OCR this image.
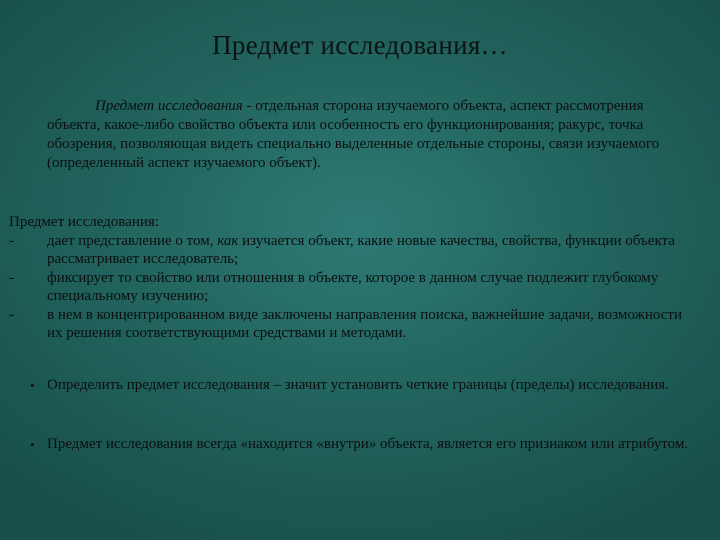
Предмет исследования…
Предмет исследования - отдельная сторона изучаемого объекта, аспект рассмотрения объекта, какое-либо свойство объекта или особенность его функционирования; ракурс, точка обозрения, позволяющая видеть специально выделенные отдельные стороны, связи изучаемого (определенный аспект изучаемого объект).
Предмет исследования:
- дает представление о том, как изучается объект, какие новые качества, свойства, функции объекта рассматривает исследователь;
- фиксирует то свойство или отношения в объекте, которое в данном случае подлежит глубокому специальному изучению;
- в нем в концентрированном виде заключены направления поиска, важнейшие задачи, возможности их решения соответствующими средствами и методами.
• Определить предмет исследования – значит установить четкие границы (пределы) исследования.
• Предмет исследования всегда «находится «внутри» объекта, является его признаком или атрибутом.
